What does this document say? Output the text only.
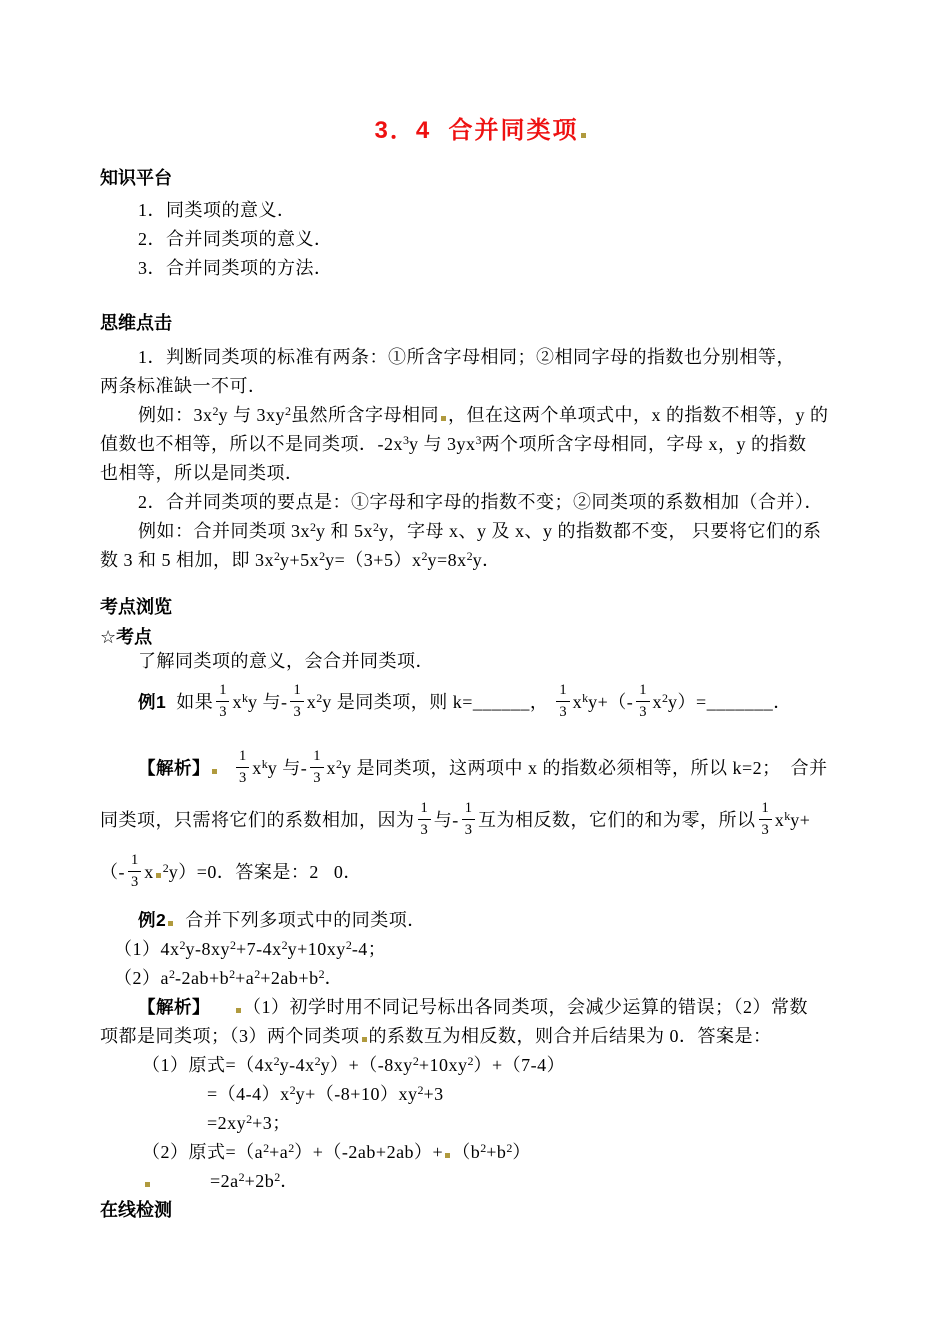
3．4  合并同类项
知识平台

1．同类项的意义．

2．合并同类项的意义．

3．合并同类项的方法．

思维点击

1．判断同类项的标准有两条：①所含字母相同；②相同字母的指数也分别相等，

两条标准缺一不可．

例如：$3x^2y$ 与 $3xy^2$虽然所含字母相同 ，但在这两个单项式中，x 的指数不相等，y 的

值数也不相等，所以不是同类项．$-2x^3y$ 与 $3yx^3$两个项所含字母相同，字母 x，y 的指数

也相等，所以是同类项．

2．合并同类项的要点是：①字母和字母的指数不变；②同类项的系数相加（合并）．

例如：合并同类项 $3x^2y$ 和 $5x^2y$，字母 x、y 及 x、y 的指数都不变， 只要将它们的系

数 3 和 5 相加，即 $3x^2y+5x^2y=(3+5)x^2y=8x^2y$．

考点浏览
☆考点

了解同类项的意义，会合并同类项．

例1  如果 $\frac{1}{3} x^ky$ 与- $\frac{1}{3} x^2y$ 是同类项，则 k=______， $\frac{1}{3} x^ky+(- \frac{1}{3}$ $x^2y)=\_\_\_\_\_\_\_$．

【解析】 $\frac{1}{3} x^ky$ 与- $\frac{1}{3} x^2y$ 是同类项，这两项中 x 的指数必须相等，所以 k=2；  合并

同类项，只需将它们的系数相加，因为 $\frac{1}{3}$ 与- $\frac{1}{3}$ 互为相反数，它们的和为零，所以 $\frac{1}{3} x^ky+$

（- $\frac{1}{3}$ x $^2$y）=0．答案是：2   0．

例2  合并下列多项式中的同类项．

$(1)4x^2y-8xy^2+7-4x^2y+10xy^2-4$；

$(2)a^2-2ab+b^2+a^2+2ab+b^2$．

【解析】 （1）初学时用不同记号标出各同类项，会减少运算的错误；（2）常数

项都是同类项；（3）两个同类项 的系数互为相反数，则合并后结果为 0．答案是：

（1）原式$=(4x^2y-4x^2y)+(-8xy^2+10xy^2)+(7-4)$

$=(4-4)x^2y+(-8+10)xy^2+3$

$=2xy^2+3$；

（2）原式$=(a^2+a^2)+(-2ab+2ab)+ (b^2+b^2)$

$=2a^2+2b^2$．

在线检测
